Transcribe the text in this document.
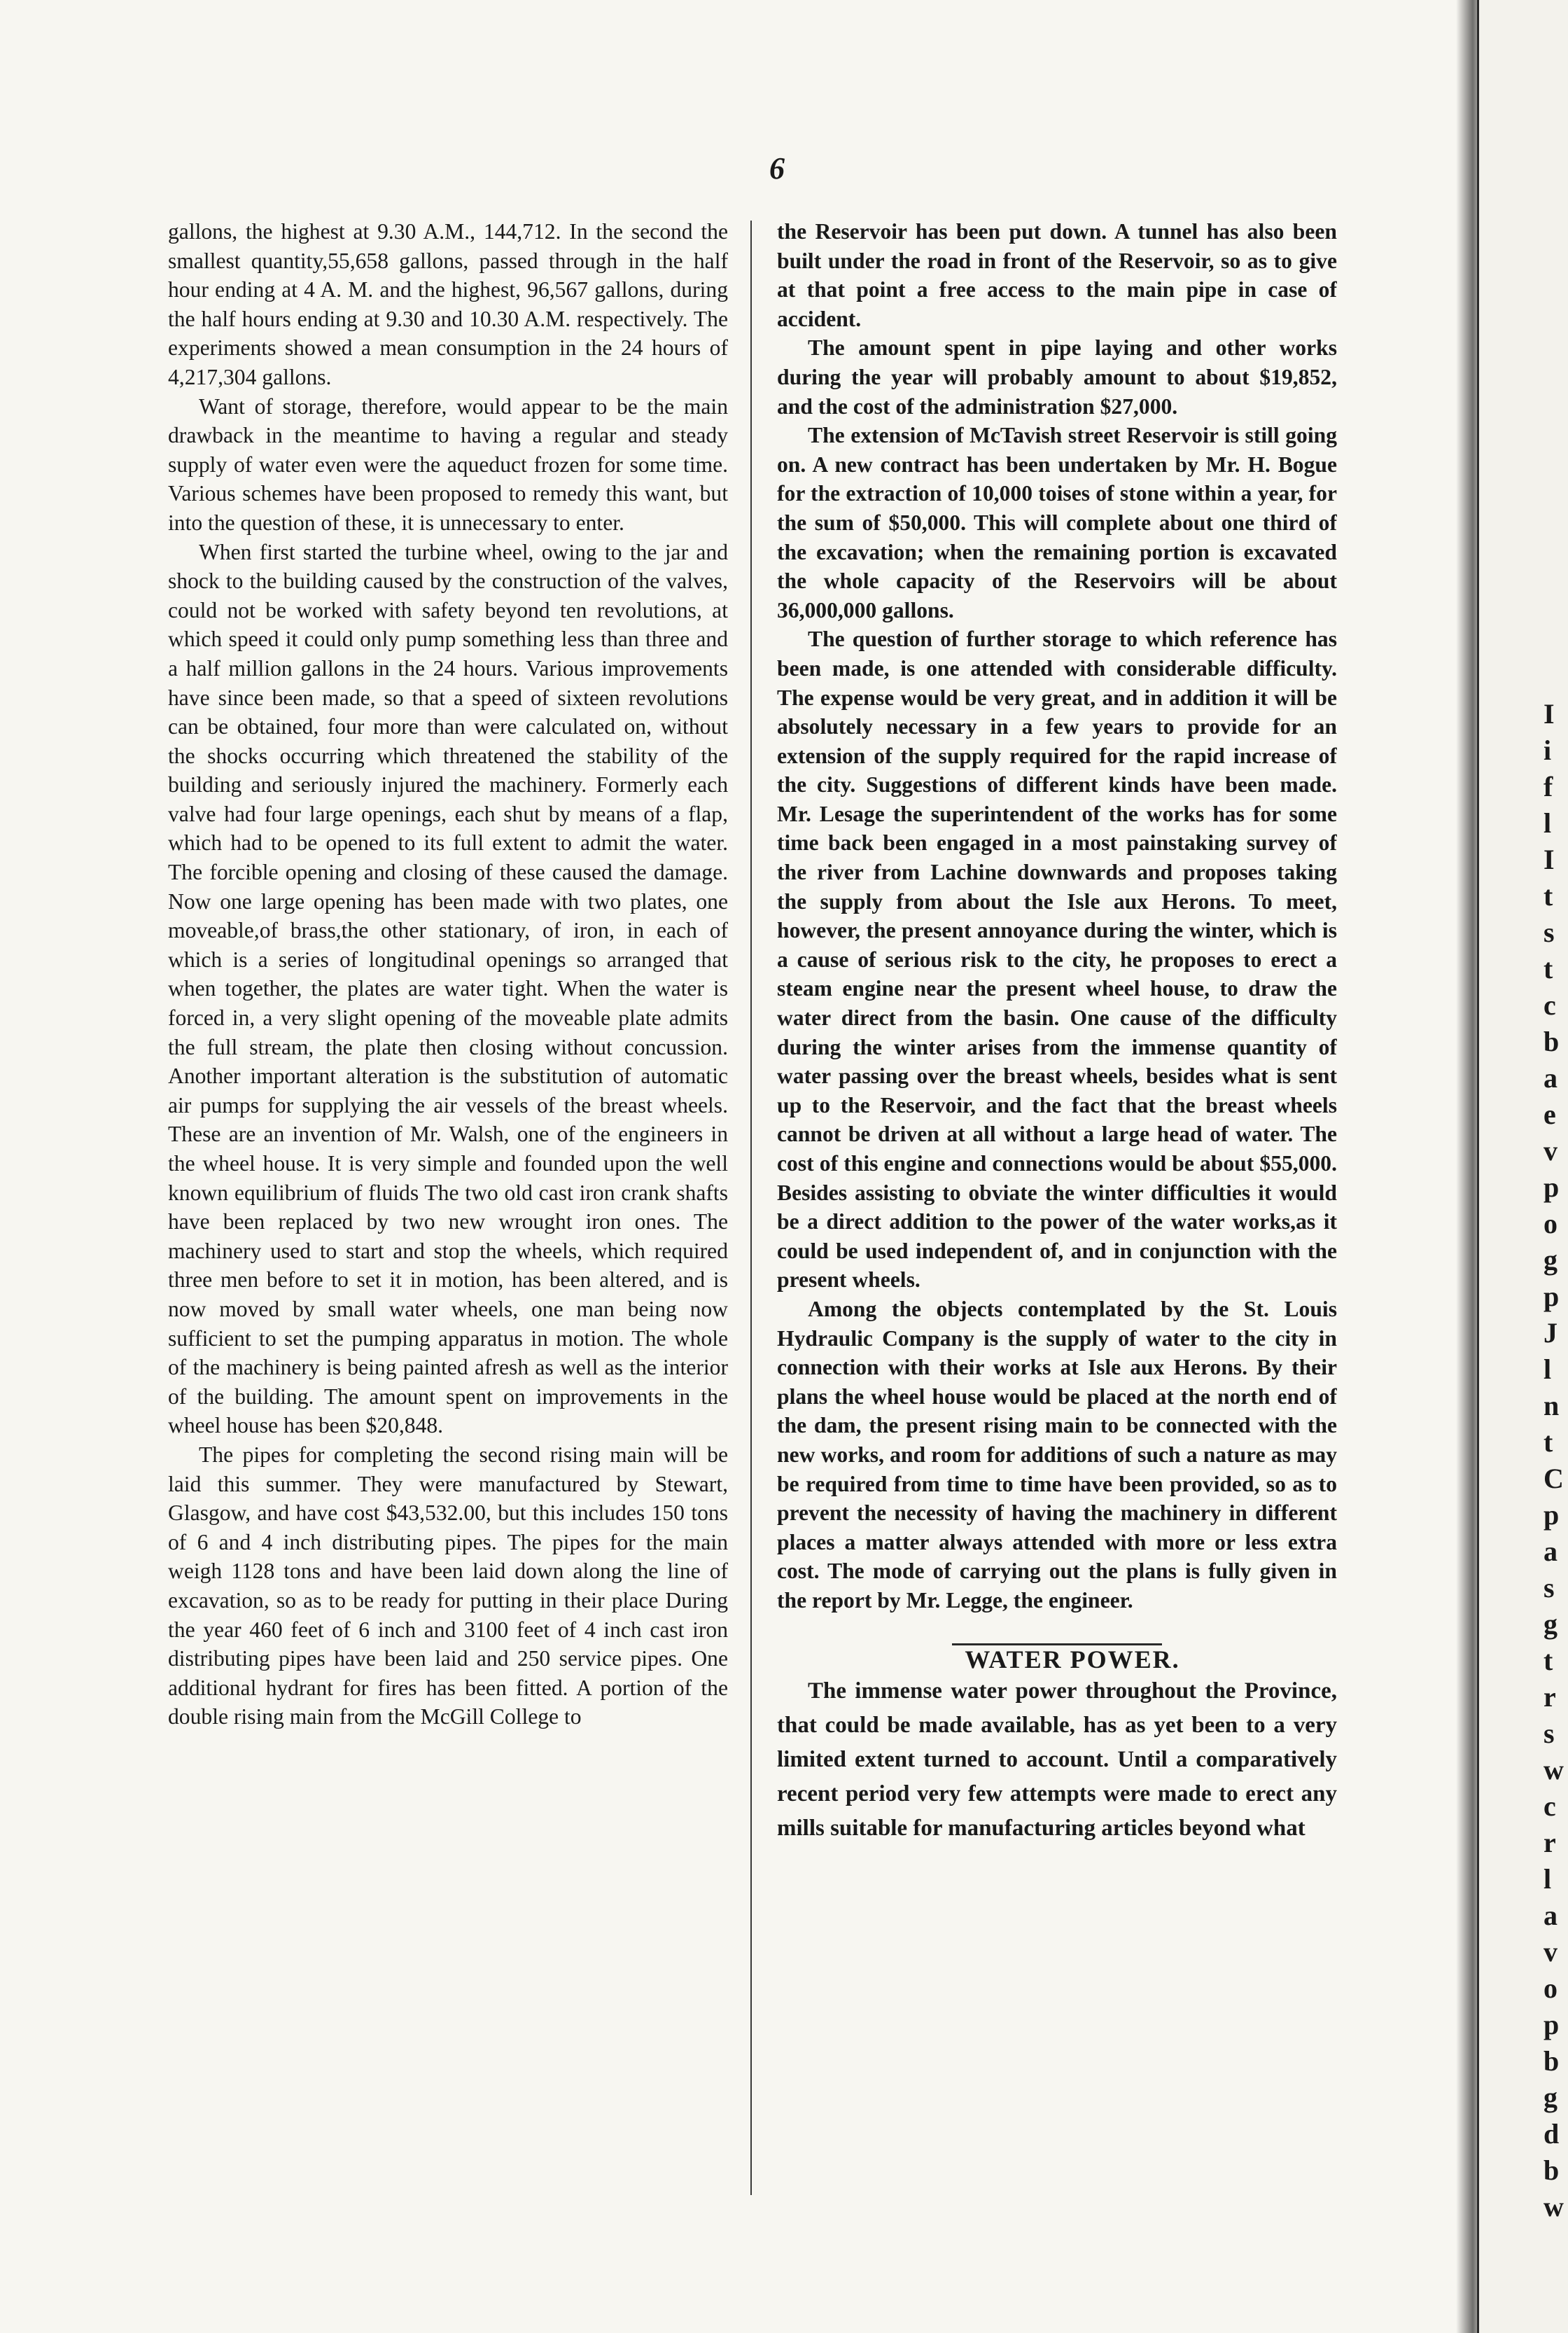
6

gallons, the highest at 9.30 A.M., 144,712. In the second the smallest quantity,55,658 gallons, passed through in the half hour ending at 4 A. M. and the highest, 96,567 gallons, during the half hours ending at 9.30 and 10.30 A.M. respectively. The experiments showed a mean consumption in the 24 hours of 4,217,304 gallons.

Want of storage, therefore, would appear to be the main drawback in the meantime to having a regular and steady supply of water even were the aqueduct frozen for some time. Various schemes have been proposed to remedy this want, but into the question of these, it is unnecessary to enter.

When first started the turbine wheel, owing to the jar and shock to the building caused by the construction of the valves, could not be worked with safety beyond ten revolutions, at which speed it could only pump something less than three and a half million gallons in the 24 hours. Various improvements have since been made, so that a speed of sixteen revolutions can be obtained, four more than were calculated on, without the shocks occurring which threatened the stability of the building and seriously injured the machinery. Formerly each valve had four large openings, each shut by means of a flap, which had to be opened to its full extent to admit the water. The forcible opening and closing of these caused the damage. Now one large opening has been made with two plates, one moveable,of brass,the other stationary, of iron, in each of which is a series of longitudinal openings so arranged that when together, the plates are water tight. When the water is forced in, a very slight opening of the moveable plate admits the full stream, the plate then closing without concussion. Another important alteration is the substitution of automatic air pumps for supplying the air vessels of the breast wheels. These are an invention of Mr. Walsh, one of the engineers in the wheel house. It is very simple and founded upon the well known equilibrium of fluids The two old cast iron crank shafts have been replaced by two new wrought iron ones. The machinery used to start and stop the wheels, which required three men before to set it in motion, has been altered, and is now moved by small water wheels, one man being now sufficient to set the pumping apparatus in motion. The whole of the machinery is being painted afresh as well as the interior of the building. The amount spent on improvements in the wheel house has been $20,848.

The pipes for completing the second rising main will be laid this summer. They were manufactured by Stewart, Glasgow, and have cost $43,532.00, but this includes 150 tons of 6 and 4 inch distributing pipes. The pipes for the main weigh 1128 tons and have been laid down along the line of excavation, so as to be ready for putting in their place During the year 460 feet of 6 inch and 3100 feet of 4 inch cast iron distributing pipes have been laid and 250 service pipes. One additional hydrant for fires has been fitted. A portion of the double rising main from the McGill College to

the Reservoir has been put down. A tunnel has also been built under the road in front of the Reservoir, so as to give at that point a free access to the main pipe in case of accident.

The amount spent in pipe laying and other works during the year will probably amount to about $19,852, and the cost of the administration $27,000.

The extension of McTavish street Reservoir is still going on. A new contract has been undertaken by Mr. H. Bogue for the extraction of 10,000 toises of stone within a year, for the sum of $50,000. This will complete about one third of the excavation; when the remaining portion is excavated the whole capacity of the Reservoirs will be about 36,000,000 gallons.

The question of further storage to which reference has been made, is one attended with considerable difficulty. The expense would be very great, and in addition it will be absolutely necessary in a few years to provide for an extension of the supply required for the rapid increase of the city. Suggestions of different kinds have been made. Mr. Lesage the superintendent of the works has for some time back been engaged in a most painstaking survey of the river from Lachine downwards and proposes taking the supply from about the Isle aux Herons. To meet, however, the present annoyance during the winter, which is a cause of serious risk to the city, he proposes to erect a steam engine near the present wheel house, to draw the water direct from the basin. One cause of the difficulty during the winter arises from the immense quantity of water passing over the breast wheels, besides what is sent up to the Reservoir, and the fact that the breast wheels cannot be driven at all without a large head of water. The cost of this engine and connections would be about $55,000. Besides assisting to obviate the winter difficulties it would be a direct addition to the power of the water works,as it could be used independent of, and in conjunction with the present wheels.

Among the objects contemplated by the St. Louis Hydraulic Company is the supply of water to the city in connection with their works at Isle aux Herons. By their plans the wheel house would be placed at the north end of the dam, the present rising main to be connected with the new works, and room for additions of such a nature as may be required from time to time have been provided, so as to prevent the necessity of having the machinery in different places a matter always attended with more or less extra cost. The mode of carrying out the plans is fully given in the report by Mr. Legge, the engineer.

WATER POWER.

The immense water power throughout the Province, that could be made available, has as yet been to a very limited extent turned to account. Until a comparatively recent period very few attempts were made to erect any mills suitable for manufacturing articles beyond what

I
i
f
l
I
t
s
t
c
b
a
e
v
p
o
g
p
J
l
n
t
C
p
a
s
g
t
r
s
w
c
r
l
a
v
o
p
b
g
d
b
w
